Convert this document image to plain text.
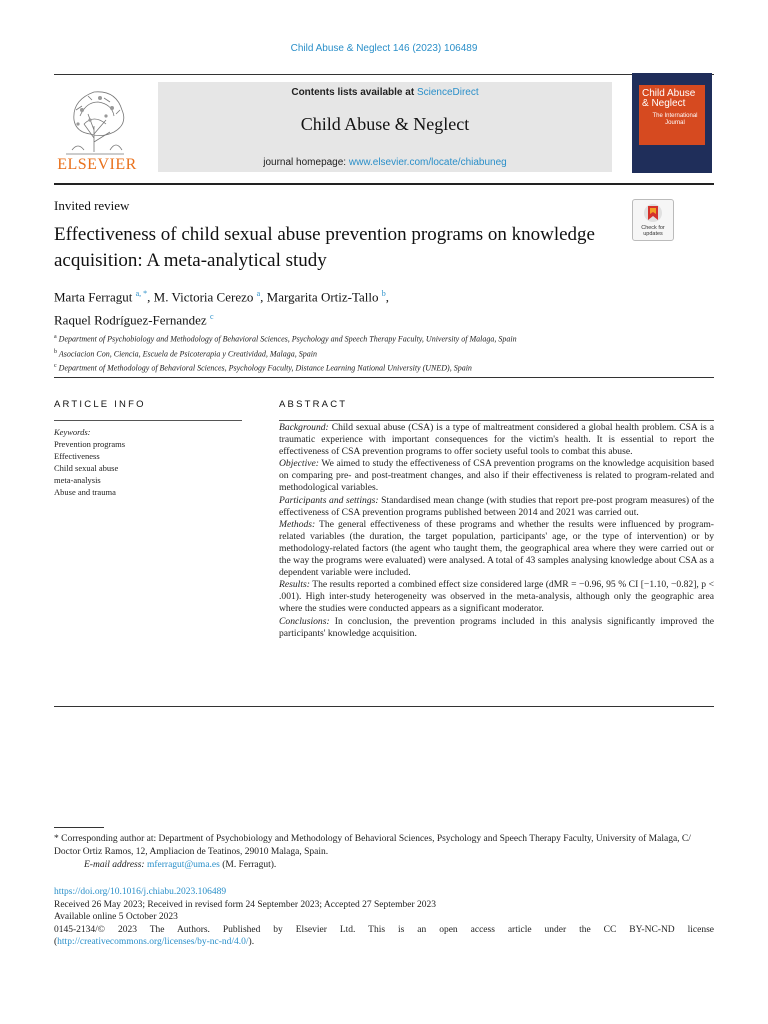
Child Abuse & Neglect 146 (2023) 106489
ELSEVIER
Contents lists available at ScienceDirect
Child Abuse & Neglect
journal homepage: www.elsevier.com/locate/chiabuneg
Child Abuse & Neglect
The International Journal
Invited review
Check for updates
Effectiveness of child sexual abuse prevention programs on knowledge acquisition: A meta-analytical study
Marta Ferragut $^{a, *}$, M. Victoria Cerezo $^a$, Margarita Ortiz-Tallo $^b$,
Raquel Rodríguez-Fernandez $^c$
$^a$ Department of Psychobiology and Methodology of Behavioral Sciences, Psychology and Speech Therapy Faculty, University of Malaga, Spain
$^b$ Asociacion Con, Ciencia, Escuela de Psicoterapia y Creatividad, Malaga, Spain
$^c$ Department of Methodology of Behavioral Sciences, Psychology Faculty, Distance Learning National University (UNED), Spain
ARTICLE INFO	ABSTRACT
Keywords:
Prevention programs
Effectiveness
Child sexual abuse
meta-analysis
Abuse and trauma

Background: Child sexual abuse (CSA) is a type of maltreatment considered a global health problem. CSA is a traumatic experience with important consequences for the victim's health. It is essential to report the effectiveness of CSA prevention programs to offer society useful tools to combat this abuse.

Objective: We aimed to study the effectiveness of CSA prevention programs on the knowledge acquisition based on comparing pre- and post-treatment changes, and also if their effectiveness is related to program-related and methodological variables.

Participants and settings: Standardised mean change (with studies that report pre-post program measures) of the effectiveness of CSA prevention programs published between 2014 and 2021 was carried out.

Methods: The general effectiveness of these programs and whether the results were influenced by program-related variables (the duration, the target population, participants' age, or the type of intervention) or by methodology-related factors (the agent who taught them, the geographical area where they were carried out or the way the programs were evaluated) were analysed. A total of 43 samples analysing knowledge about CSA as a dependent variable were included.

Results: The results reported a combined effect size considered large (dMR = −0.96, 95 % CI [−1.10, −0.82], p < .001). High inter-study heterogeneity was observed in the meta-analysis, although only the geographic area where the studies were conducted appears as a significant moderator.

Conclusions: In conclusion, the prevention programs included in this analysis significantly improved the participants' knowledge acquisition.

* Corresponding author at: Department of Psychobiology and Methodology of Behavioral Sciences, Psychology and Speech Therapy Faculty, University of Malaga, C/ Doctor Ortiz Ramos, 12, Ampliacion de Teatinos, 29010 Malaga, Spain.

E-mail address: mferragut@uma.es (M. Ferragut).

https://doi.org/10.1016/j.chiabu.2023.106489

Received 26 May 2023; Received in revised form 24 September 2023; Accepted 27 September 2023

Available online 5 October 2023

0145-2134/© 2023 The Authors. Published by Elsevier Ltd. This is an open access article under the CC BY-NC-ND license

(http://creativecommons.org/licenses/by-nc-nd/4.0/).
